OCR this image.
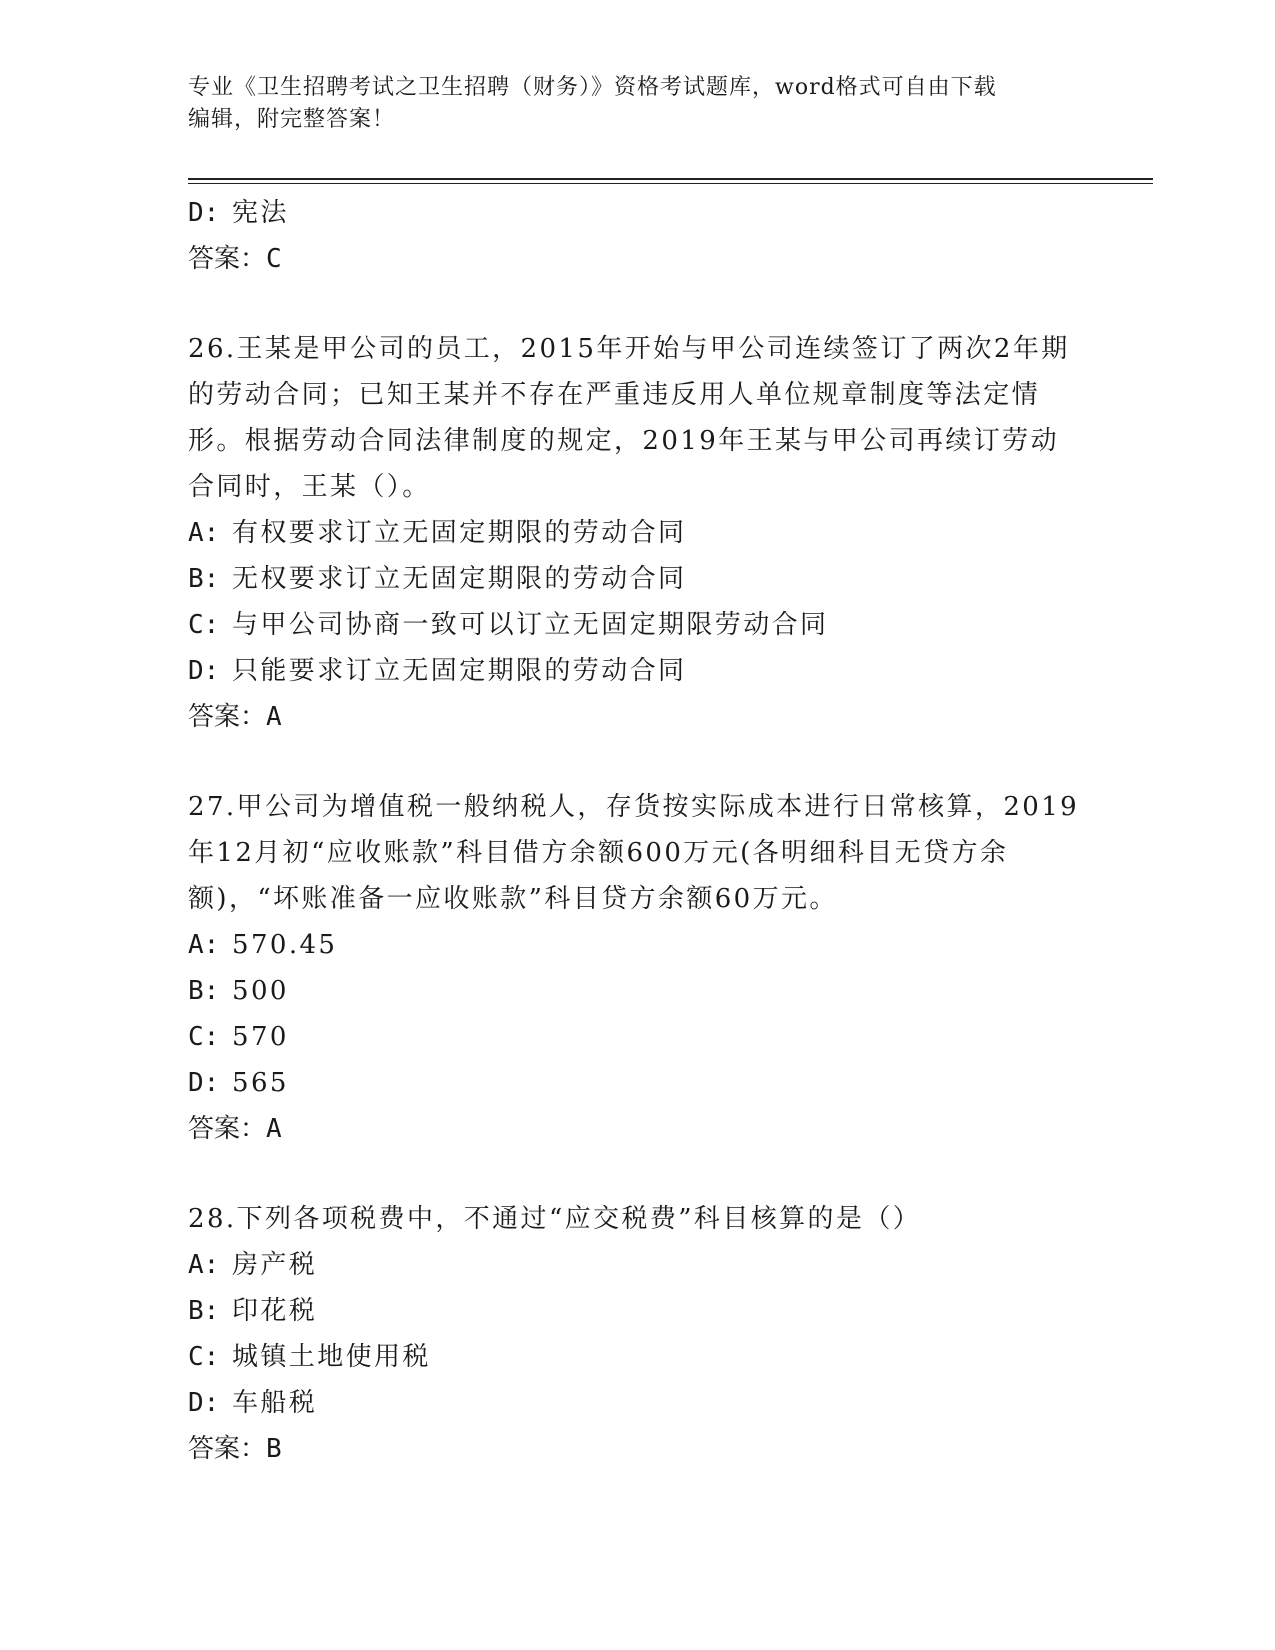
专业《卫生招聘考试之卫生招聘（财务）》资格考试题库，word格式可自由下载
编辑，附完整答案！
D: 宪法
答案：C
26.王某是甲公司的员工，2015年开始与甲公司连续签订了两次2年期
的劳动合同；已知王某并不存在严重违反用人单位规章制度等法定情
形。根据劳动合同法律制度的规定，2019年王某与甲公司再续订劳动
合同时，王某（）。
A: 有权要求订立无固定期限的劳动合同
B: 无权要求订立无固定期限的劳动合同
C: 与甲公司协商一致可以订立无固定期限劳动合同
D: 只能要求订立无固定期限的劳动合同
答案：A
27.甲公司为增值税一般纳税人，存货按实际成本进行日常核算，2019
年12月初“应收账款”科目借方余额600万元(各明细科目无贷方余
额)，“坏账准备一应收账款”科目贷方余额60万元。
A: 570.45
B: 500
C: 570
D: 565
答案：A
28.下列各项税费中，不通过“应交税费”科目核算的是（）
A: 房产税
B: 印花税
C: 城镇土地使用税
D: 车船税
答案：B
